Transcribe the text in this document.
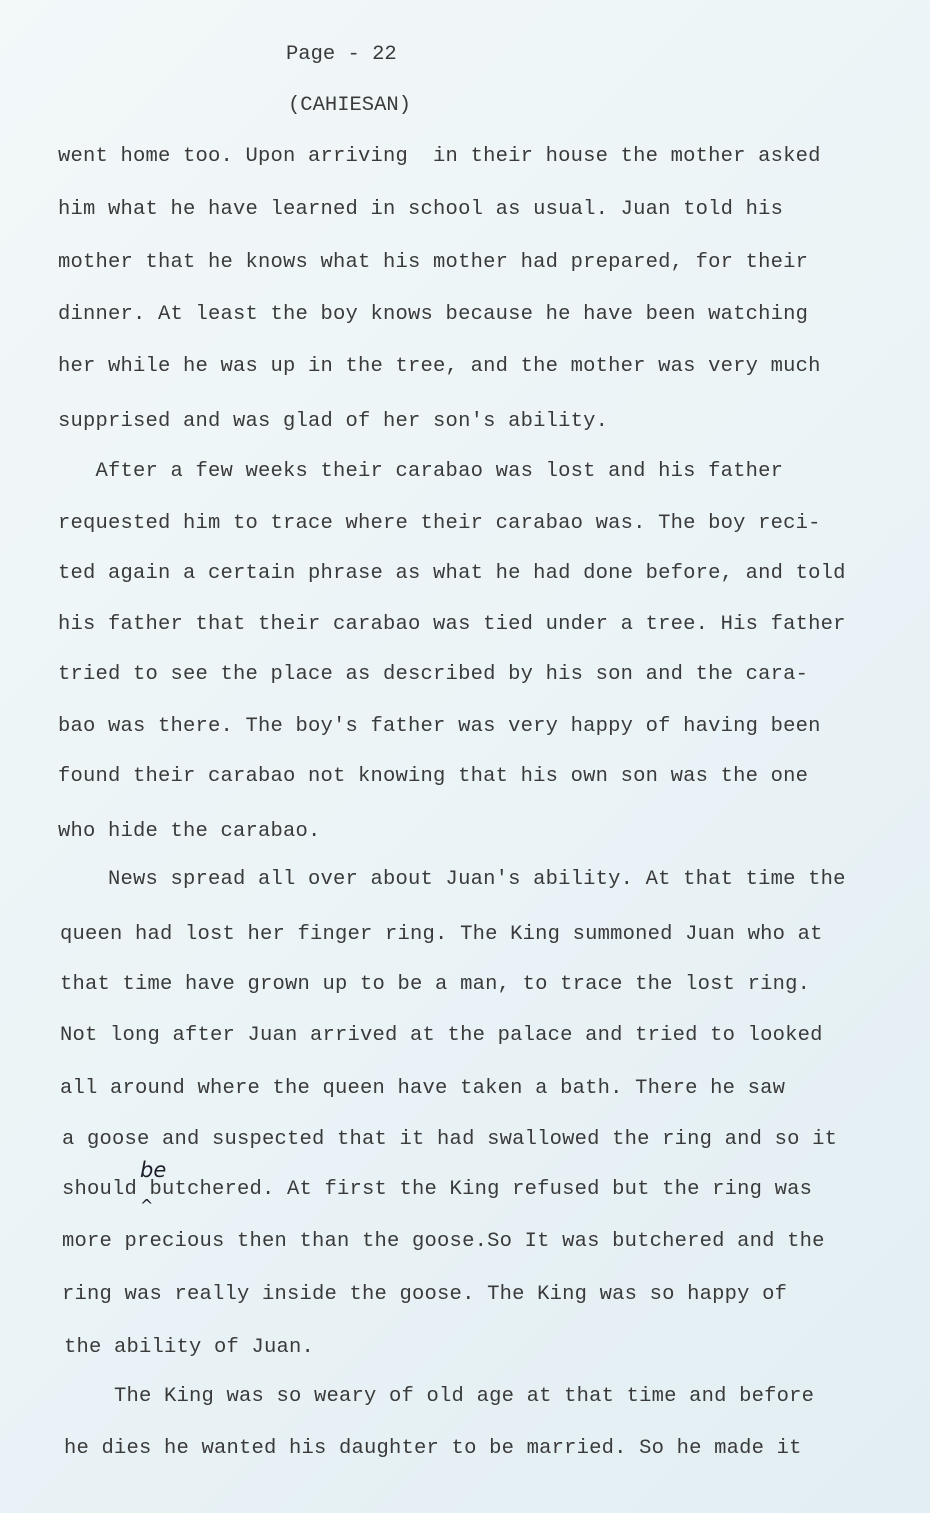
Page - 22
(CAHIESAN)
went home too. Upon arriving  in their house the mother asked
him what he have learned in school as usual. Juan told his
mother that he knows what his mother had prepared, for their
dinner. At least the boy knows because he have been watching
her while he was up in the tree, and the mother was very much
supprised and was glad of her son's ability.
After a few weeks their carabao was lost and his father
requested him to trace where their carabao was. The boy reci-
ted again a certain phrase as what he had done before, and told
his father that their carabao was tied under a tree. His father
tried to see the place as described by his son and the cara-
bao was there. The boy's father was very happy of having been
found their carabao not knowing that his own son was the one
who hide the carabao.
News spread all over about Juan's ability. At that time the
queen had lost her finger ring. The King summoned Juan who at
that time have grown up to be a man, to trace the lost ring.
Not long after Juan arrived at the palace and tried to looked
all around where the queen have taken a bath. There he saw
a goose and suspected that it had swallowed the ring and so it
should butchered. At first the King refused but the ring was
more precious then than the goose.So It was butchered and the
ring was really inside the goose. The King was so happy of
the ability of Juan.
The King was so weary of old age at that time and before
he dies he wanted his daughter to be married. So he made it
be
^
